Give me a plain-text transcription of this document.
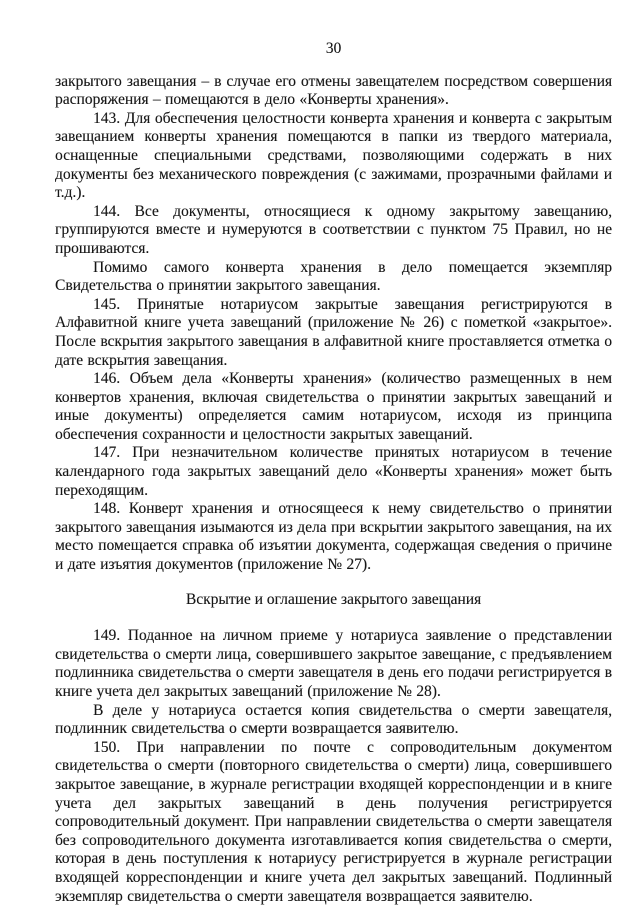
30

закрытого завещания – в случае его отмены завещателем посредством совершения распоряжения – помещаются в дело «Конверты хранения».

143. Для обеспечения целостности конверта хранения и конверта с закрытым завещанием конверты хранения помещаются в папки из твердого материала, оснащенные специальными средствами, позволяющими содержать в них документы без механического повреждения (с зажимами, прозрачными файлами и т.д.).

144. Все документы, относящиеся к одному закрытому завещанию, группируются вместе и нумеруются в соответствии с пунктом 75 Правил, но не прошиваются.

Помимо самого конверта хранения в дело помещается экземпляр Свидетельства о принятии закрытого завещания.

145. Принятые нотариусом закрытые завещания регистрируются в Алфавитной книге учета завещаний (приложение № 26) с пометкой «закрытое». После вскрытия закрытого завещания в алфавитной книге проставляется отметка о дате вскрытия завещания.

146. Объем дела «Конверты хранения» (количество размещенных в нем конвертов хранения, включая свидетельства о принятии закрытых завещаний и иные документы) определяется самим нотариусом, исходя из принципа обеспечения сохранности и целостности закрытых завещаний.

147. При незначительном количестве принятых нотариусом в течение календарного года закрытых завещаний дело «Конверты хранения» может быть переходящим.

148. Конверт хранения и относящееся к нему свидетельство о принятии закрытого завещания изымаются из дела при вскрытии закрытого завещания, на их место помещается справка об изъятии документа, содержащая сведения о причине и дате изъятия документов (приложение № 27).

Вскрытие и оглашение закрытого завещания

149. Поданное на личном приеме у нотариуса заявление о представлении свидетельства о смерти лица, совершившего закрытое завещание, с предъявлением подлинника свидетельства о смерти завещателя в день его подачи регистрируется в книге учета дел закрытых завещаний (приложение № 28).

В деле у нотариуса остается копия свидетельства о смерти завещателя, подлинник свидетельства о смерти возвращается заявителю.

150. При направлении по почте с сопроводительным документом свидетельства о смерти (повторного свидетельства о смерти) лица, совершившего закрытое завещание, в журнале регистрации входящей корреспонденции и в книге учета дел закрытых завещаний в день получения регистрируется сопроводительный документ. При направлении свидетельства о смерти завещателя без сопроводительного документа изготавливается копия свидетельства о смерти, которая в день поступления к нотариусу регистрируется в журнале регистрации входящей корреспонденции и книге учета дел закрытых завещаний. Подлинный экземпляр свидетельства о смерти завещателя возвращается заявителю.
